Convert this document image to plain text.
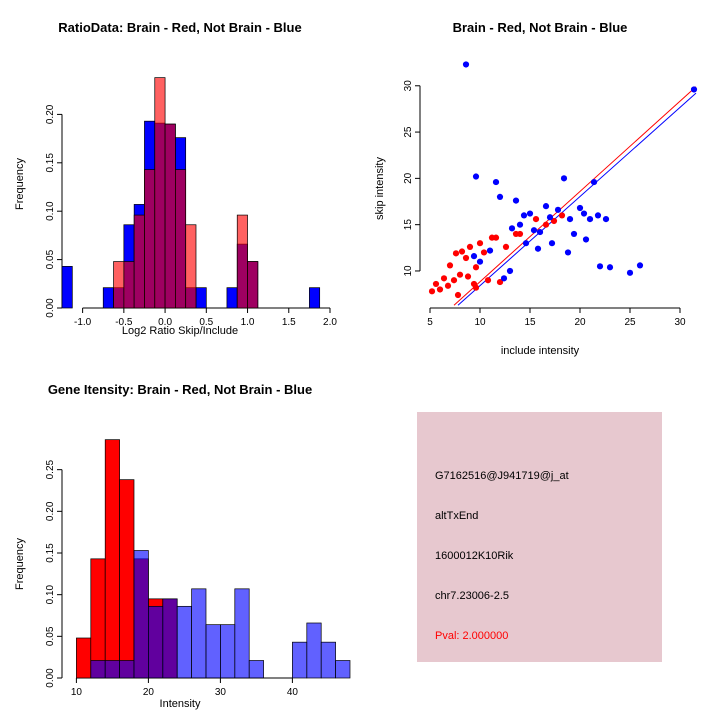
RatioData: Brain - Red, Not Brain - Blue
-1.0 -0.5	0.0	0.5	1.0	1.5	2.0
0.00
0.05
0.10
0.15
0.20
Log2 Ratio Skip/Include
Frequency
Brain - Red, Not Brain - Blue
5	10	15	20	25	30
10
15
20
25
30
include intensity
skip intensity
Gene Itensity: Brain - Red, Not Brain - Blue
10	20	30	40
0.00
0.05
0.10
0.15
0.20
0.25
Intensity
Frequency
G7162516@J941719@j_at
altTxEnd
1600012K10Rik
chr7.23006-2.5
Pval: 2.000000
